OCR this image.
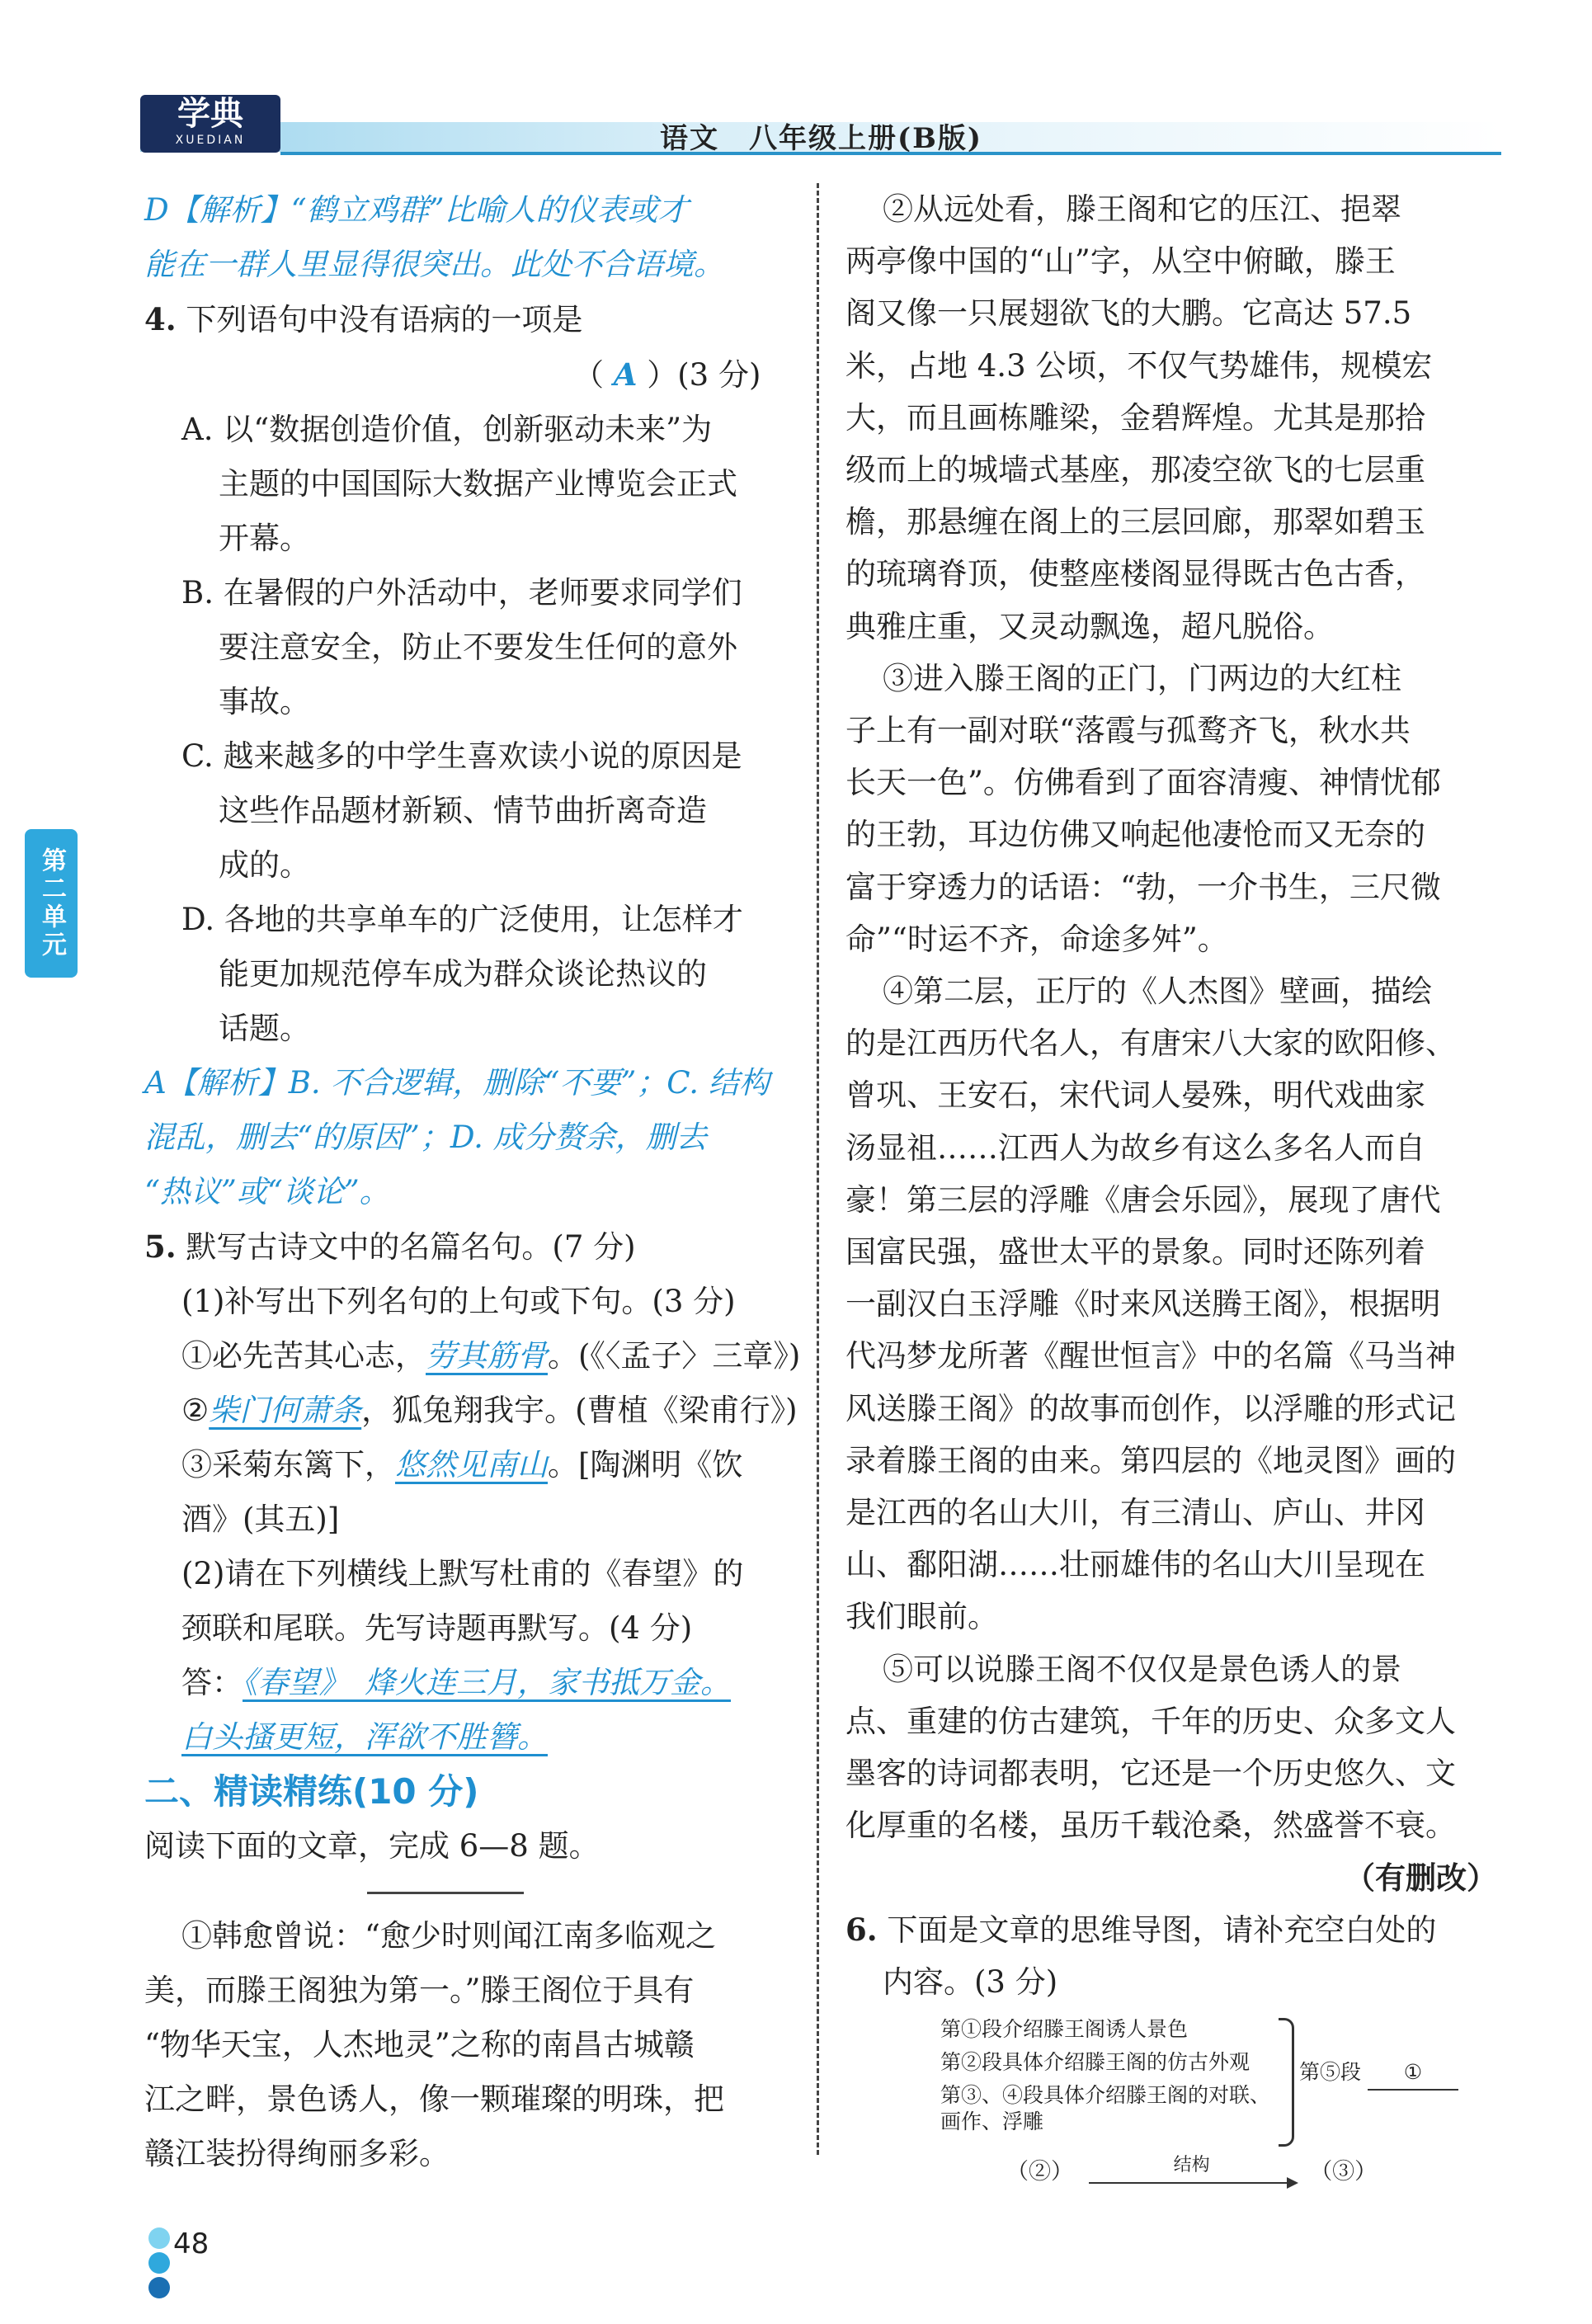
学典
XUEDIAN	语文　八年级上册(B版)
第二单元
D【解析】“鹤立鸡群”比喻人的仪表或才
能在一群人里显得很突出。此处不合语境。
4. 下列语句中没有语病的一项是
（ A ）(3 分)
A. 以“数据创造价值，创新驱动未来”为
主题的中国国际大数据产业博览会正式
开幕。
B. 在暑假的户外活动中，老师要求同学们
要注意安全，防止不要发生任何的意外
事故。
C. 越来越多的中学生喜欢读小说的原因是
这些作品题材新颖、情节曲折离奇造
成的。
D. 各地的共享单车的广泛使用，让怎样才
能更加规范停车成为群众谈论热议的
话题。
A【解析】B. 不合逻辑，删除“不要”；C. 结构
混乱，删去“的原因”；D. 成分赘余，删去
“热议”或“谈论”。
5. 默写古诗文中的名篇名句。(7 分)
(1)补写出下列名句的上句或下句。(3 分)
①必先苦其心志，劳其筋骨。(《〈孟子〉三章》)
②柴门何萧条，狐兔翔我宇。(曹植《梁甫行》)
③采菊东篱下，悠然见南山。[陶渊明《饮
酒》(其五)]
(2)请在下列横线上默写杜甫的《春望》的
颈联和尾联。先写诗题再默写。(4 分)
答：《春望》　烽火连三月，家书抵万金。
白头搔更短，浑欲不胜簪。
二、精读精练(10 分)
阅读下面的文章，完成 6—8 题。
①韩愈曾说：“愈少时则闻江南多临观之
美，而滕王阁独为第一。”滕王阁位于具有
“物华天宝，人杰地灵”之称的南昌古城赣
江之畔，景色诱人，像一颗璀璨的明珠，把
赣江装扮得绚丽多彩。
②从远处看，滕王阁和它的压江、挹翠
两亭像中国的“山”字，从空中俯瞰，滕王
阁又像一只展翅欲飞的大鹏。它高达 57.5
米，占地 4.3 公顷，不仅气势雄伟，规模宏
大，而且画栋雕梁，金碧辉煌。尤其是那拾
级而上的城墙式基座，那凌空欲飞的七层重
檐，那悬缠在阁上的三层回廊，那翠如碧玉
的琉璃脊顶，使整座楼阁显得既古色古香，
典雅庄重，又灵动飘逸，超凡脱俗。
③进入滕王阁的正门，门两边的大红柱
子上有一副对联“落霞与孤鹜齐飞，秋水共
长天一色”。仿佛看到了面容清瘦、神情忧郁
的王勃，耳边仿佛又响起他凄怆而又无奈的
富于穿透力的话语：“勃，一介书生，三尺微
命”“时运不齐，命途多舛”。
④第二层，正厅的《人杰图》壁画，描绘
的是江西历代名人，有唐宋八大家的欧阳修、
曾巩、王安石，宋代词人晏殊，明代戏曲家
汤显祖……江西人为故乡有这么多名人而自
豪！第三层的浮雕《唐会乐园》，展现了唐代
国富民强，盛世太平的景象。同时还陈列着
一副汉白玉浮雕《时来风送腾王阁》，根据明
代冯梦龙所著《醒世恒言》中的名篇《马当神
风送滕王阁》的故事而创作，以浮雕的形式记
录着滕王阁的由来。第四层的《地灵图》画的
是江西的名山大川，有三清山、庐山、井冈
山、鄱阳湖……壮丽雄伟的名山大川呈现在
我们眼前。
⑤可以说滕王阁不仅仅是景色诱人的景
点、重建的仿古建筑，千年的历史、众多文人
墨客的诗词都表明，它还是一个历史悠久、文
化厚重的名楼，虽历千载沧桑，然盛誉不衰。
（有删改）
6. 下面是文章的思维导图，请补充空白处的
内容。(3 分)
第①段介绍滕王阁诱人景色
第②段具体介绍滕王阁的仿古外观
第③、④段具体介绍滕王阁的对联、
画作、浮雕
第⑤段 ①
（②）	结构	（③）
48
